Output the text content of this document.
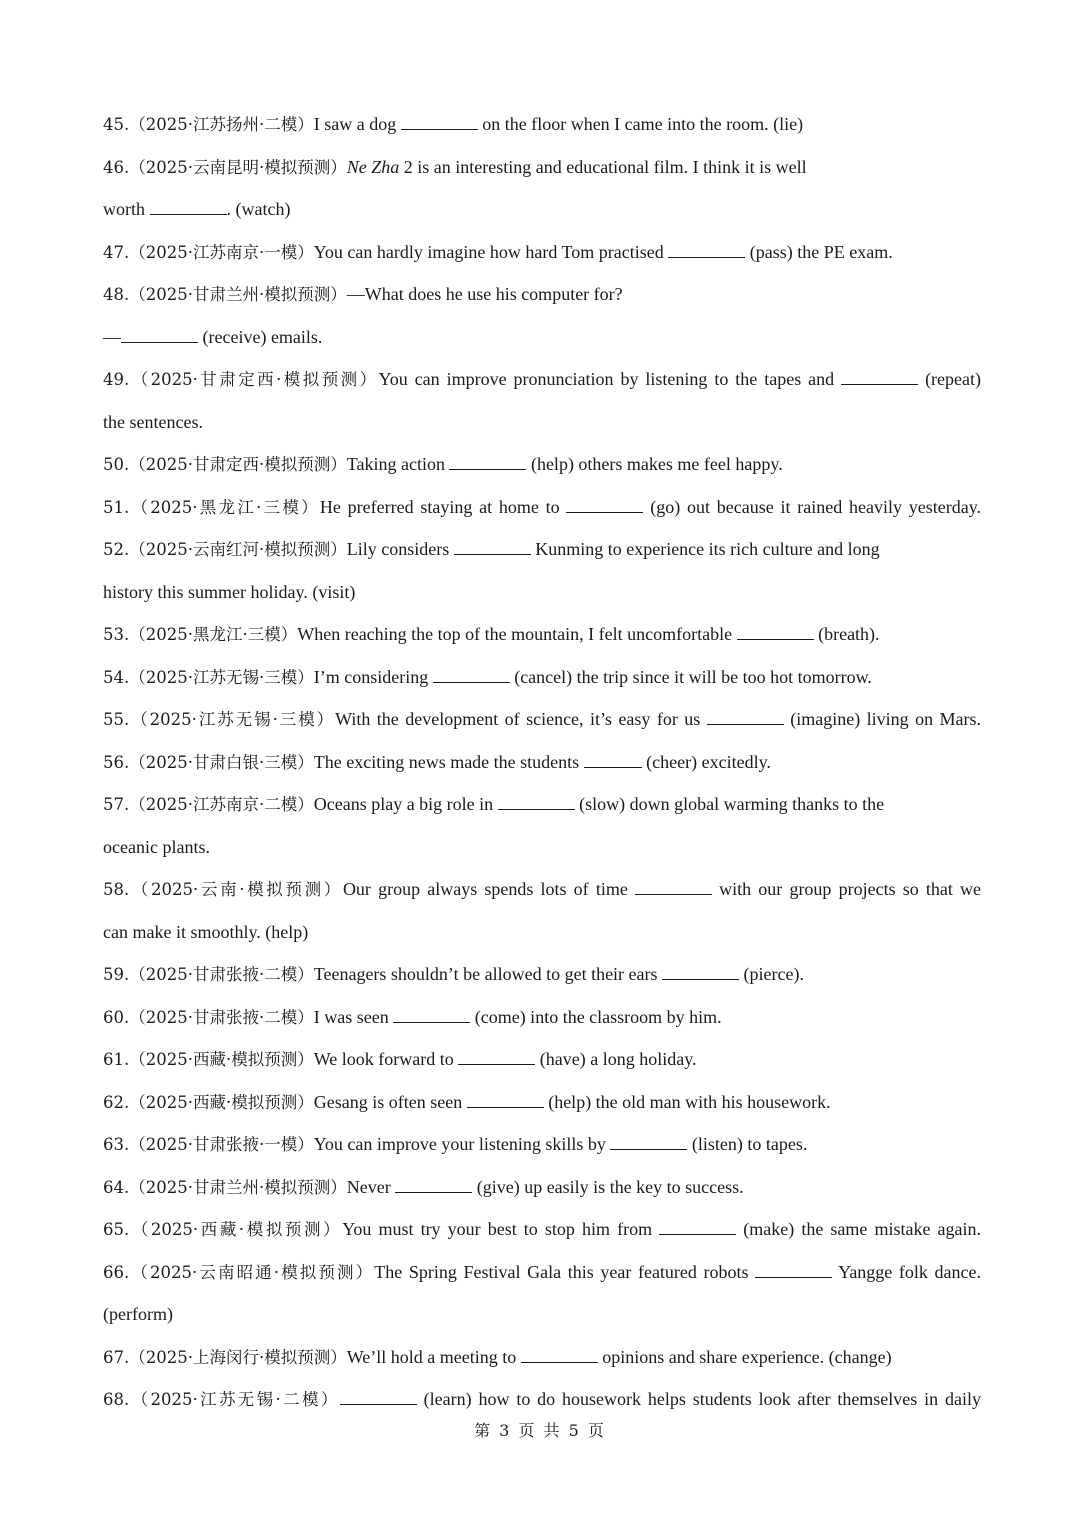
45.（2025·江苏扬州·二模）I saw a dog	on the floor when I came into the room. (lie)
46.（2025·云南昆明·模拟预测）Ne Zha 2 is an interesting and educational film. I think it is well
worth	. (watch)
47.（2025·江苏南京·一模）You can hardly imagine how hard Tom practised	(pass) the PE exam.
48.（2025·甘肃兰州·模拟预测）—What does he use his computer for?
—	(receive) emails.
49.（2025·甘肃定西·模拟预测）You can improve pronunciation by listening to the tapes and	(repeat)
the sentences.
50.（2025·甘肃定西·模拟预测）Taking action	(help) others makes me feel happy.
51.（2025·黑龙江·三模）He preferred staying at home to	(go) out because it rained heavily yesterday.
52.（2025·云南红河·模拟预测）Lily considers	Kunming to experience its rich culture and long
history this summer holiday. (visit)
53.（2025·黑龙江·三模）When reaching the top of the mountain, I felt uncomfortable	(breath).
54.（2025·江苏无锡·三模）I’m considering	(cancel) the trip since it will be too hot tomorrow.
55.（2025·江苏无锡·三模）With the development of science, it’s easy for us	(imagine) living on Mars.
56.（2025·甘肃白银·三模）The exciting news made the students	(cheer) excitedly.
57.（2025·江苏南京·二模）Oceans play a big role in	(slow) down global warming thanks to the
oceanic plants.
58.（2025·云南·模拟预测）Our group always spends lots of time	with our group projects so that we
can make it smoothly. (help)
59.（2025·甘肃张掖·二模）Teenagers shouldn’t be allowed to get their ears	(pierce).
60.（2025·甘肃张掖·二模）I was seen	(come) into the classroom by him.
61.（2025·西藏·模拟预测）We look forward to	(have) a long holiday.
62.（2025·西藏·模拟预测）Gesang is often seen	(help) the old man with his housework.
63.（2025·甘肃张掖·一模）You can improve your listening skills by	(listen) to tapes.
64.（2025·甘肃兰州·模拟预测）Never	(give) up easily is the key to success.
65.（2025·西藏·模拟预测）You must try your best to stop him from	(make) the same mistake again.
66.（2025·云南昭通·模拟预测）The Spring Festival Gala this year featured robots	Yangge folk dance.
(perform)
67.（2025·上海闵行·模拟预测）We’ll hold a meeting to	opinions and share experience. (change)
68.（2025·江苏无锡·二模）	(learn) how to do housework helps students look after themselves in daily
第 3 页 共 5 页
